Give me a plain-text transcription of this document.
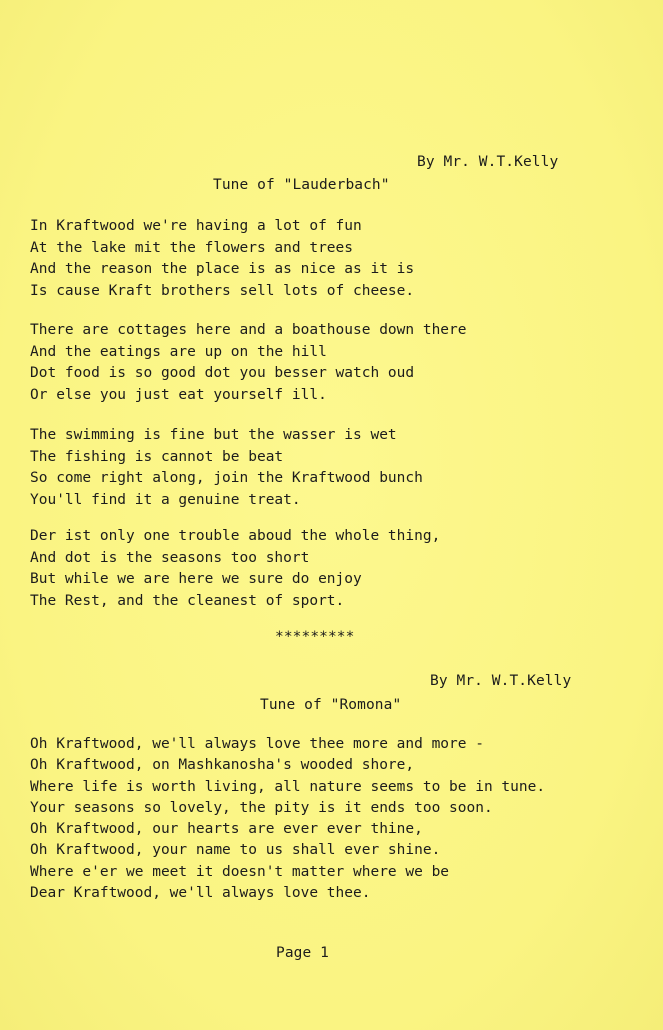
By Mr. W.T.Kelly
Tune of "Lauderbach"
In Kraftwood we're having a lot of fun
At the lake mit the flowers and trees
And the reason the place is as nice as it is
Is cause Kraft brothers sell lots of cheese.
There are cottages here and a boathouse down there
And the eatings are up on the hill
Dot food is so good dot you besser watch oud
Or else you just eat yourself ill.
The swimming is fine but the wasser is wet
The fishing is cannot be beat
So come right along, join the Kraftwood bunch
You'll find it a genuine treat.
Der ist only one trouble aboud the whole thing,
And dot is the seasons too short
But while we are here we sure do enjoy
The Rest, and the cleanest of sport.
*********
By Mr. W.T.Kelly
Tune of "Romona"
Oh Kraftwood, we'll always love thee more and more -
Oh Kraftwood, on Mashkanosha's wooded shore,
Where life is worth living, all nature seems to be in tune.
Your seasons so lovely, the pity is it ends too soon.
Oh Kraftwood, our hearts are ever ever thine,
Oh Kraftwood, your name to us shall ever shine.
Where e'er we meet it doesn't matter where we be
Dear Kraftwood, we'll always love thee.
Page 1
